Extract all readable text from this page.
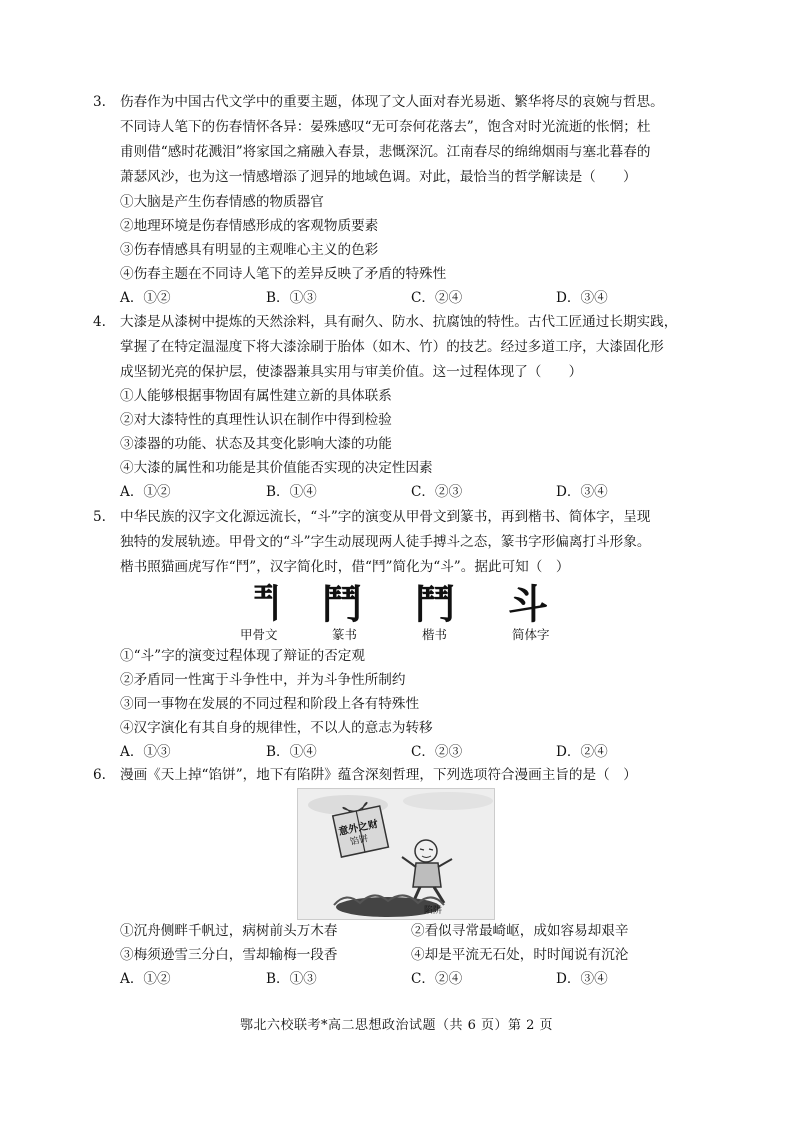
3. 伤春作为中国古代文学中的重要主题，体现了文人面对春光易逝、繁华将尽的哀婉与哲思。
不同诗人笔下的伤春情怀各异：晏殊感叹“无可奈何花落去”，饱含对时光流逝的怅惘；杜
甫则借“感时花溅泪”将家国之痛融入春景，悲慨深沉。江南春尽的绵绵烟雨与塞北暮春的
萧瑟风沙，也为这一情感增添了迥异的地域色调。对此，最恰当的哲学解读是（　　）
①大脑是产生伤春情感的物质器官
②地理环境是伤春情感形成的客观物质要素
③伤春情感具有明显的主观唯心主义的色彩
④伤春主题在不同诗人笔下的差异反映了矛盾的特殊性
A．①②	B．①③	C．②④	D．③④
4. 大漆是从漆树中提炼的天然涂料，具有耐久、防水、抗腐蚀的特性。古代工匠通过长期实践，
掌握了在特定温湿度下将大漆涂刷于胎体（如木、竹）的技艺。经过多道工序，大漆固化形
成坚韧光亮的保护层，使漆器兼具实用与审美价值。这一过程体现了（　　）
①人能够根据事物固有属性建立新的具体联系
②对大漆特性的真理性认识在制作中得到检验
③漆器的功能、状态及其变化影响大漆的功能
④大漆的属性和功能是其价值能否实现的决定性因素
A．①②	B．①④	C．②③	D．③④
5. 中华民族的汉字文化源远流长，“斗”字的演变从甲骨文到篆书，再到楷书、简体字，呈现
独特的发展轨迹。甲骨文的“斗”字生动展现两人徒手搏斗之态，篆书字形偏离打斗形象。
楷书照猫画虎写作“鬥”，汉字简化时，借“鬥”简化为“斗”。据此可知（　）
𩰊 鬥 鬥 斗
甲骨文	篆书	楷书	简体字
①“斗”字的演变过程体现了辩证的否定观
②矛盾同一性寓于斗争性中，并为斗争性所制约
③同一事物在发展的不同过程和阶段上各有特殊性
④汉字演化有其自身的规律性，不以人的意志为转移
A．①③	B．①④	C．②③	D．②④
6. 漫画《天上掉“馅饼”，地下有陷阱》蕴含深刻哲理，下列选项符合漫画主旨的是（　）
意外之财
馅饼
陷阱
①沉舟侧畔千帆过，病树前头万木春	②看似寻常最崎岖，成如容易却艰辛
③梅须逊雪三分白，雪却输梅一段香	④却是平流无石处，时时闻说有沉沦
A．①②	B．①③	C．②④	D．③④
鄂北六校联考*高二思想政治试题（共 6 页）第 2 页
